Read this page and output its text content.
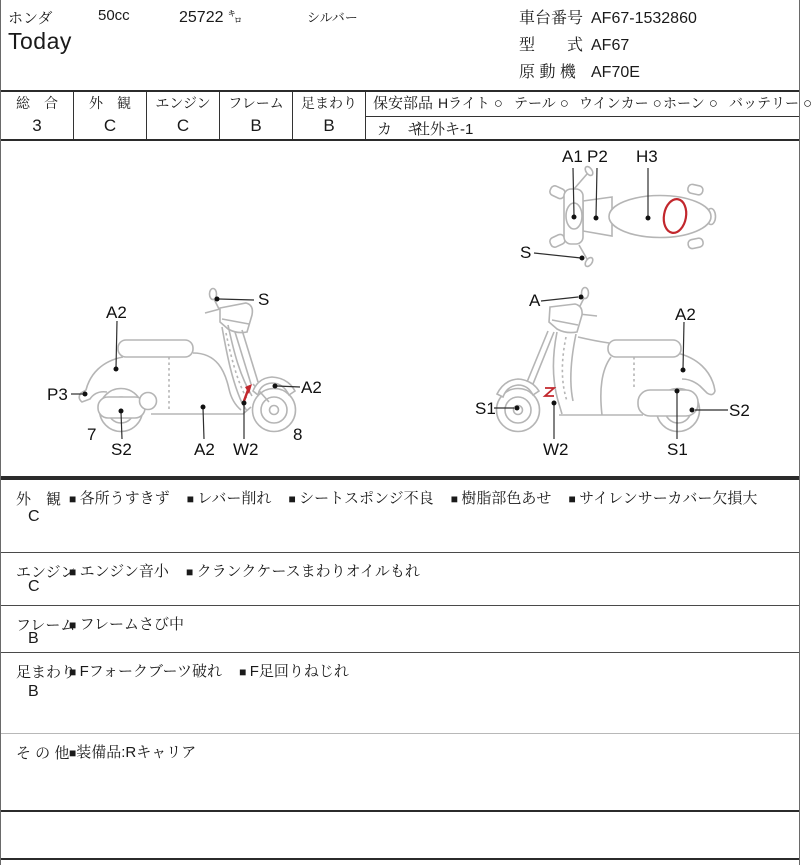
ホンダ	50cc	25722 ㌔	シルバー
Today
車台番号 AF67-1532860
型　　式 AF67
原 動 機 AF70E
総　合
3
外　観
C
エンジン
C
フレーム
B
足まわり
B
保安部品 Hライト ○ テール ○ ウインカー ○ ホーン ○ バッテリー ○
カ　ギ
社外キ-1
A1 P2 H3
S
S
A2
P3
7
S2	A2 W2
A2
8
A
A2
S1
W2	S1
S2
外　観
C
■ 各所うすきず ■ レバー削れ ■ シートスポンジ不良 ■ 樹脂部色あせ ■ サイレンサーカバー欠損大
エンジン
C
■ エンジン音小 ■ クランクケースまわりオイルもれ
フレーム
B
■ フレームさび中
足まわり
B
■ Fフォークブーツ破れ ■ F足回りねじれ
そ の 他 ■ 装備品:Rキャリア
